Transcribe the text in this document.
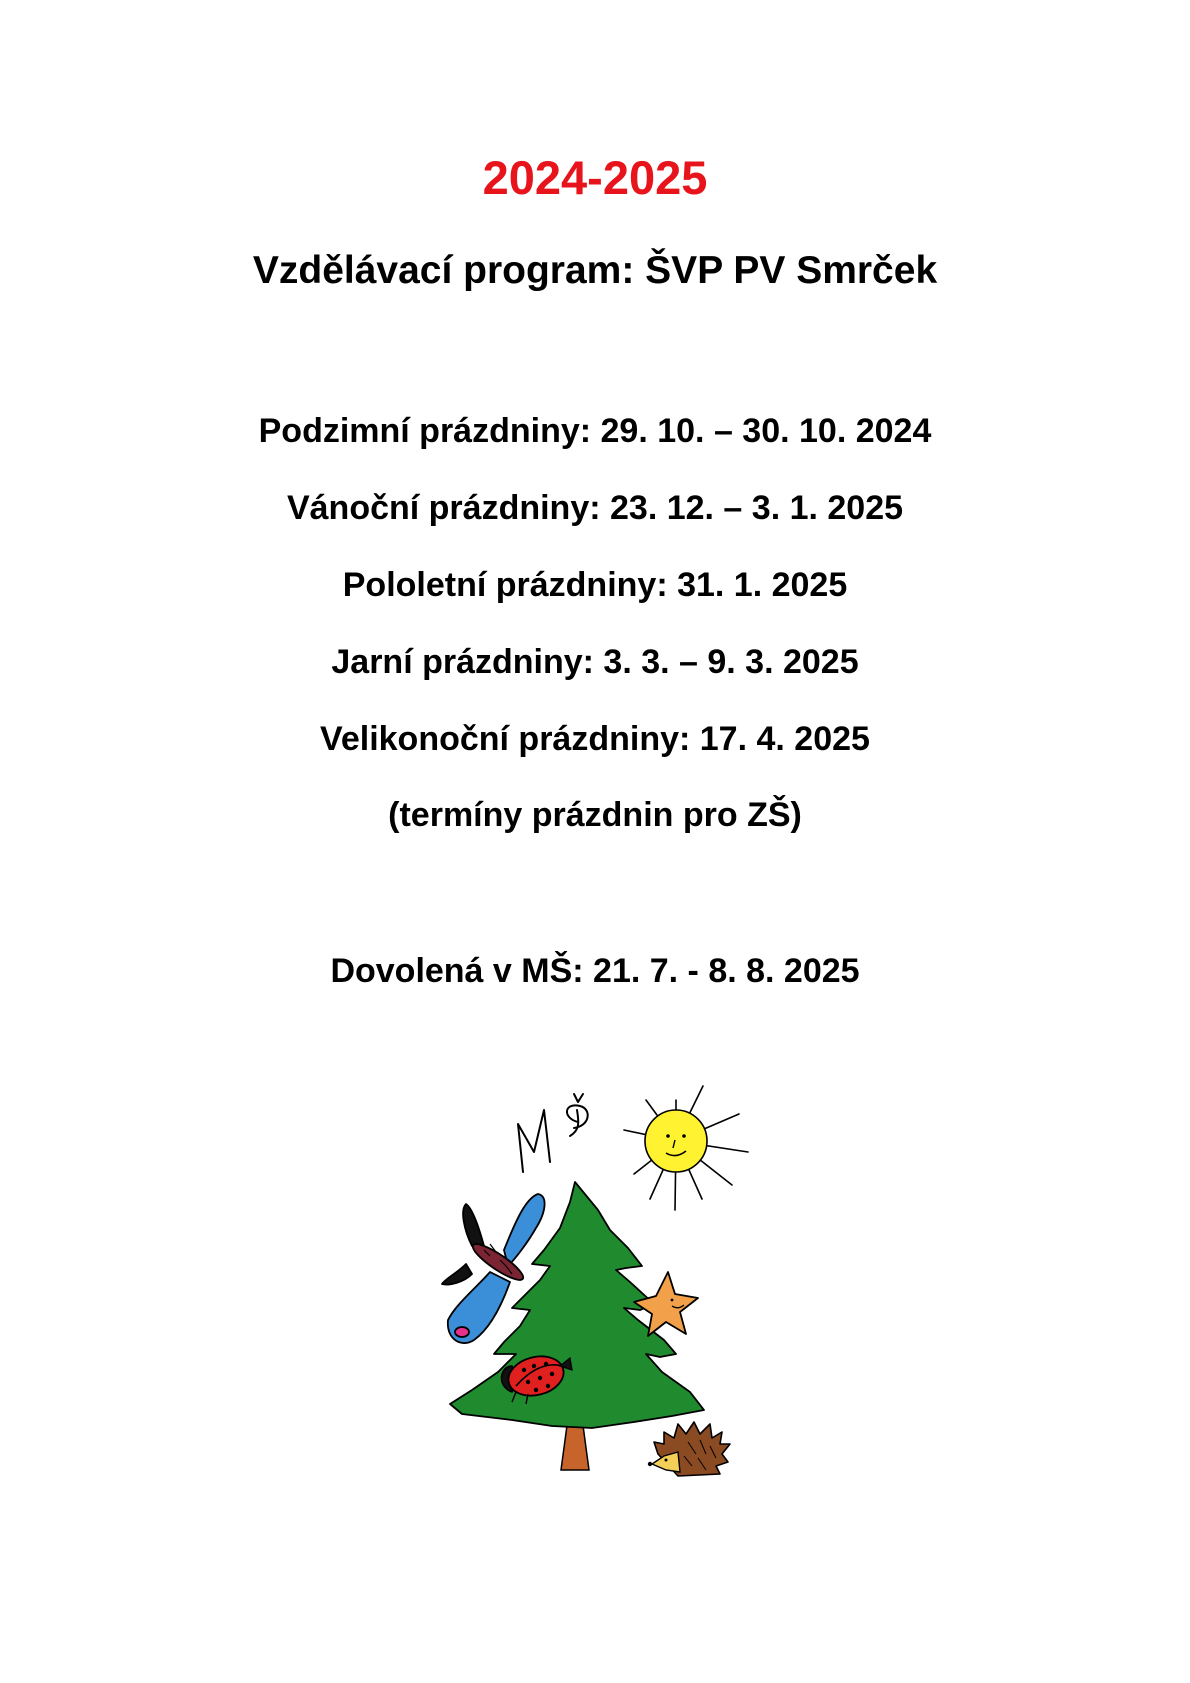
2024-2025
Vzdělávací program: ŠVP PV Smrček
Podzimní prázdniny: 29. 10. – 30. 10. 2024
Vánoční prázdniny: 23. 12. – 3. 1. 2025
Pololetní prázdniny: 31. 1. 2025
Jarní prázdniny: 3. 3. – 9. 3. 2025
Velikonoční prázdniny: 17. 4. 2025
(termíny prázdnin pro ZŠ)
Dovolená v MŠ: 21. 7. - 8. 8. 2025
